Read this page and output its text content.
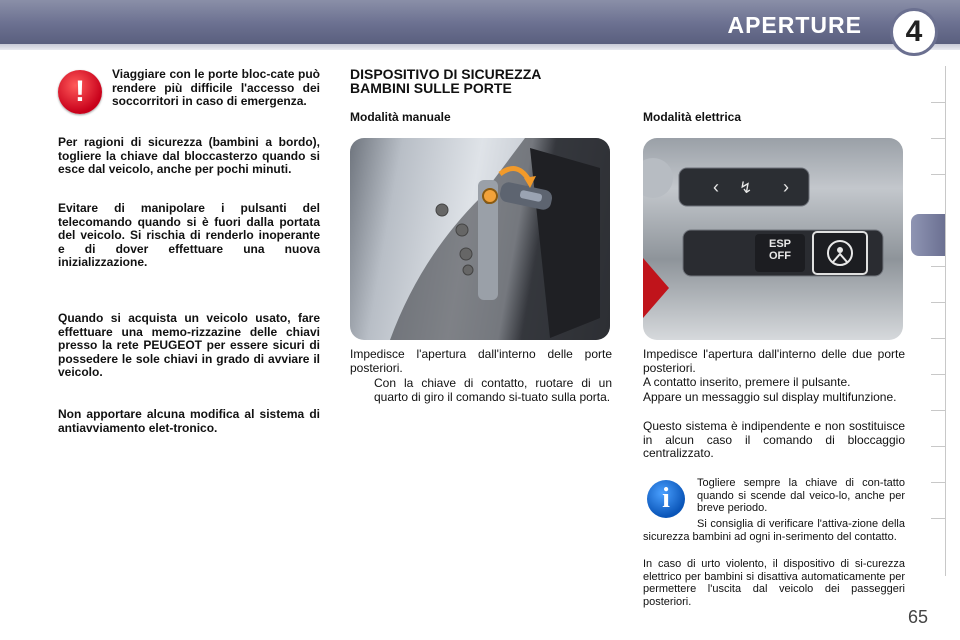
APERTURE	4
!
Viaggiare con le porte bloc-cate può rendere più difficile l'accesso dei soccorritori in caso di emergenza.
Per ragioni di sicurezza (bambini a bordo), togliere la chiave dal bloccasterzo quando si esce dal veicolo, anche per pochi minuti.
Evitare di manipolare i pulsanti del telecomando quando si è fuori dalla portata del veicolo. Si rischia di renderlo inoperante e di dover effettuare una nuova inizializzazione.
Quando si acquista un veicolo usato, fare effettuare una memo-rizzazine delle chiavi presso la rete PEUGEOT per essere sicuri di possedere le sole chiavi in grado di avviare il veicolo.
Non apportare alcuna modifica al sistema di antiavviamento elet-tronico.
DISPOSITIVO DI SICUREZZA
BAMBINI SULLE PORTE
Modalità manuale	Modalità elettrica
‹	›
↯
ESP
OFF
Impedisce l'apertura dall'interno delle porte posteriori.
Con la chiave di contatto, ruotare di un quarto di giro il comando si-tuato sulla porta.
Impedisce l'apertura dall'interno delle due porte posteriori.
A contatto inserito, premere il pulsante.
Appare un messaggio sul display multifunzione.
Questo sistema è indipendente e non sostituisce in alcun caso il comando di bloccaggio centralizzato.
i	Togliere sempre la chiave di con-tatto quando si scende dal veico-lo, anche per breve periodo.
Si consiglia di verificare l'attiva-zione della sicurezza bambini ad ogni in-serimento del contatto.
In caso di urto violento, il dispositivo di si-curezza elettrico per bambini si disattiva automaticamente per permettere l'uscita dal veicolo dei passeggeri posteriori.
65
